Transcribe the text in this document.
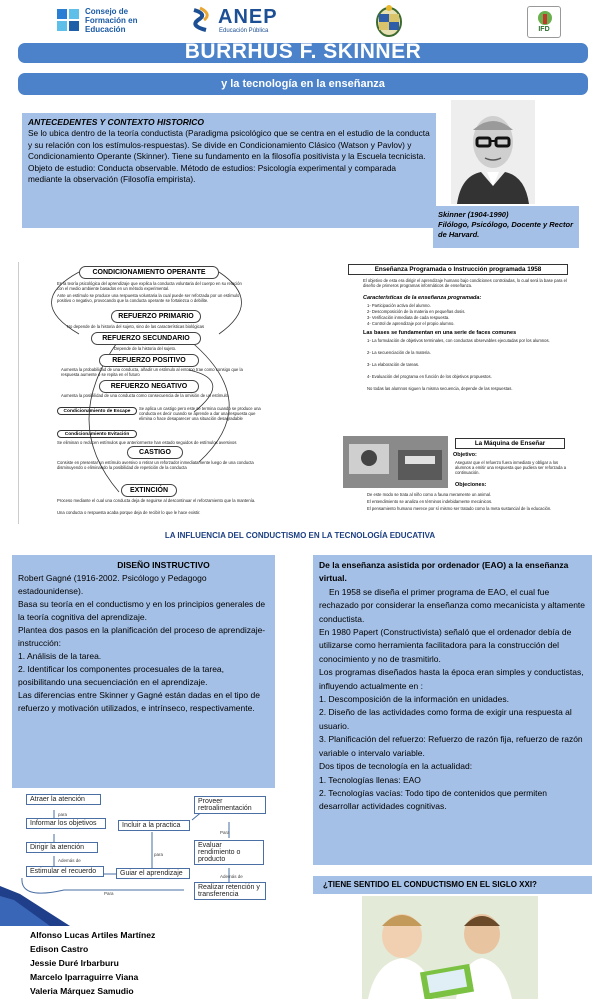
Consejo de Formación en Educación
ANEP
Educación Pública	IFD
BURRHUS F. SKINNER
y la tecnología en la enseñanza
ANTECEDENTES Y CONTEXTO HISTORICO
Se lo ubica dentro de la teoría conductista (Paradigma psicológico que se centra en el estudio de la conducta y su relación con los estímulos-respuestas). Se divide en Condicionamiento Clásico (Watson y Pavlov) y Condicionamiento Operante (Skinner). Tiene su fundamento en la filosofía positivista y la Escuela tecnicista. Objeto de estudio: Conducta observable. Método de estudios: Psicología experimental y comparada mediante la observación (Filosofía empirista).
Skinner (1904-1990)
Filólogo, Psicólogo, Docente y Rector de Harvard.
CONDICIONAMIENTO OPERANTE
Es la teoría psicológica del aprendizaje que explica la conducta voluntaria del cuerpo en su relación con el medio ambiente basados en un método experimental.
Ante un estímulo se produce una respuesta voluntaria la cual puede ser reforzada por un estímulo positivo o negativo, provocando que la conducta operante se fortalezca o debilite.
REFUERZO PRIMARIO
No depende de la historia del sujeto, sino de las características biológicas
REFUERZO SECUNDARIO
Depende de la historia del sujeto.
REFUERZO POSITIVO
Aumenta la probabilidad de una conducta, añadir un estímulo al entorno trae como consigo que la respuesta aumente o se repita en el futuro
REFUERZO NEGATIVO
Aumenta la posibilidad de una conducta como consecuencia de la omisión de un estímulo
Condicionamiento de Escape
Se aplica un castigo pero este se termina cuando se produce una conducta es decir cuando se aprende a dar una respuesta que elimina o hace desaparecer una situación desagradable
Condicionamiento Evitación
Se eliminan o reducen estímulos que anteriormente han estado seguidos de estímulos aversivos
CASTIGO
Consiste en presentar un estímulo aversivo o retirar un reforzador inmediatamente luego de una conducta disminuyendo o eliminando la posibilidad de repetición de la conducta
EXTINCIÓN
Proceso mediante el cual una conducta deja de seguirse al descontinuar el reforzamiento que la mantenía.
Una conducta o respuesta acaba porque deja de recibir lo que le hace existir.
Enseñanza Programada o Instrucción programada 1958
El objetivo de esta era dirigir el aprendizaje humano bajo condiciones controladas, lo cual será la base para el diseño de primeros programas informáticos de enseñanza.
Características de la enseñanza programada:
1- Participación activa del alumno.
2- Descomposición de la materia en pequeñas dosis.
3- Verificación inmediata de cada respuesta.
4- Control de aprendizaje por el propio alumno.
Las bases se fundamentan en una serie de faces comunes
1- La formulación de objetivos terminales, con conductas observables ejecutadas por los alumnos.
2- La secuenciación de la materia.
3- La elaboración de tareas.
4- Evaluación del programa en función de los objetivos propuestos.
No todas las alumnos siguen la misma secuencia, depende de las respuestas.
La Máquina de Enseñar
Objetivo:
Asegurar que el refuerzo fuera inmediato y obligar a los alumnos a emitir una respuesta que pudiera ser reforzada a continuación.
Objeciones:
De este modo se trata al niño como a fauna meramente un animal.
El entendimiento se analiza en términos indebidamente mecánicos.
El pensamiento humano merece por sí mismo ser tratado como la meta sustancial de la educación.
LA INFLUENCIA DEL CONDUCTISMO EN LA TECNOLOGÍA EDUCATIVA
DISEÑO INSTRUCTIVO
Robert Gagné (1916-2002. Psicólogo y Pedagogo estadounidense).
Basa su teoría en el conductismo y en los principios generales de la teoría cognitiva del aprendizaje.
Plantea dos pasos en la planificación del proceso de aprendizaje-instrucción:
1. Análisis de la tarea.
2. Identificar los componentes procesuales de la tarea, posibilitando una secuenciación en el aprendizaje.
Las diferencias entre Skinner y Gagné están dadas en el tipo de refuerzo y motivación utilizados, e intrínseco, respectivamente.
De la enseñanza asistida por ordenador (EAO) a la enseñanza virtual.
En 1958 se diseña el primer programa de EAO, el cual fue rechazado por considerar la enseñanza como mecanicista y altamente conductista.
En 1980 Papert (Constructivista) señaló que el ordenador debía de utilizarse como herramienta facilitadora para la construcción del conocimiento y no de trasmitirlo.
Los programas diseñados hasta la época eran simples y conductistas, influyendo actualmente en :
1. Descomposición de la información en unidades.
2. Diseño de las actividades como forma de exigir una respuesta al usuario.
3. Planificación del refuerzo: Refuerzo de razón fija, refuerzo de razón variable o intervalo variable.
Dos tipos de tecnología en la actualidad:
1. Tecnologías llenas: EAO
2. Tecnologías vacías: Todo tipo de contenidos que permiten desarrollar actividades cognitivas.
Atraer la atención
Informar los objetivos
Dirigir la atención
Estimular el recuerdo
Incluir a la practica
Guiar el aprendizaje
Proveer retroalimentación
Evaluar rendimiento o producto
Realizar retención y transferencia
para
Además de
Para
Para
para
Además de
¿TIENE SENTIDO EL CONDUCTISMO EN EL SIGLO XXI?
Alfonso Lucas Artiles Martínez
Edison Castro
Jessie Duré Irbarburu
Marcelo Iparraguirre Viana
Valeria Márquez Samudio
